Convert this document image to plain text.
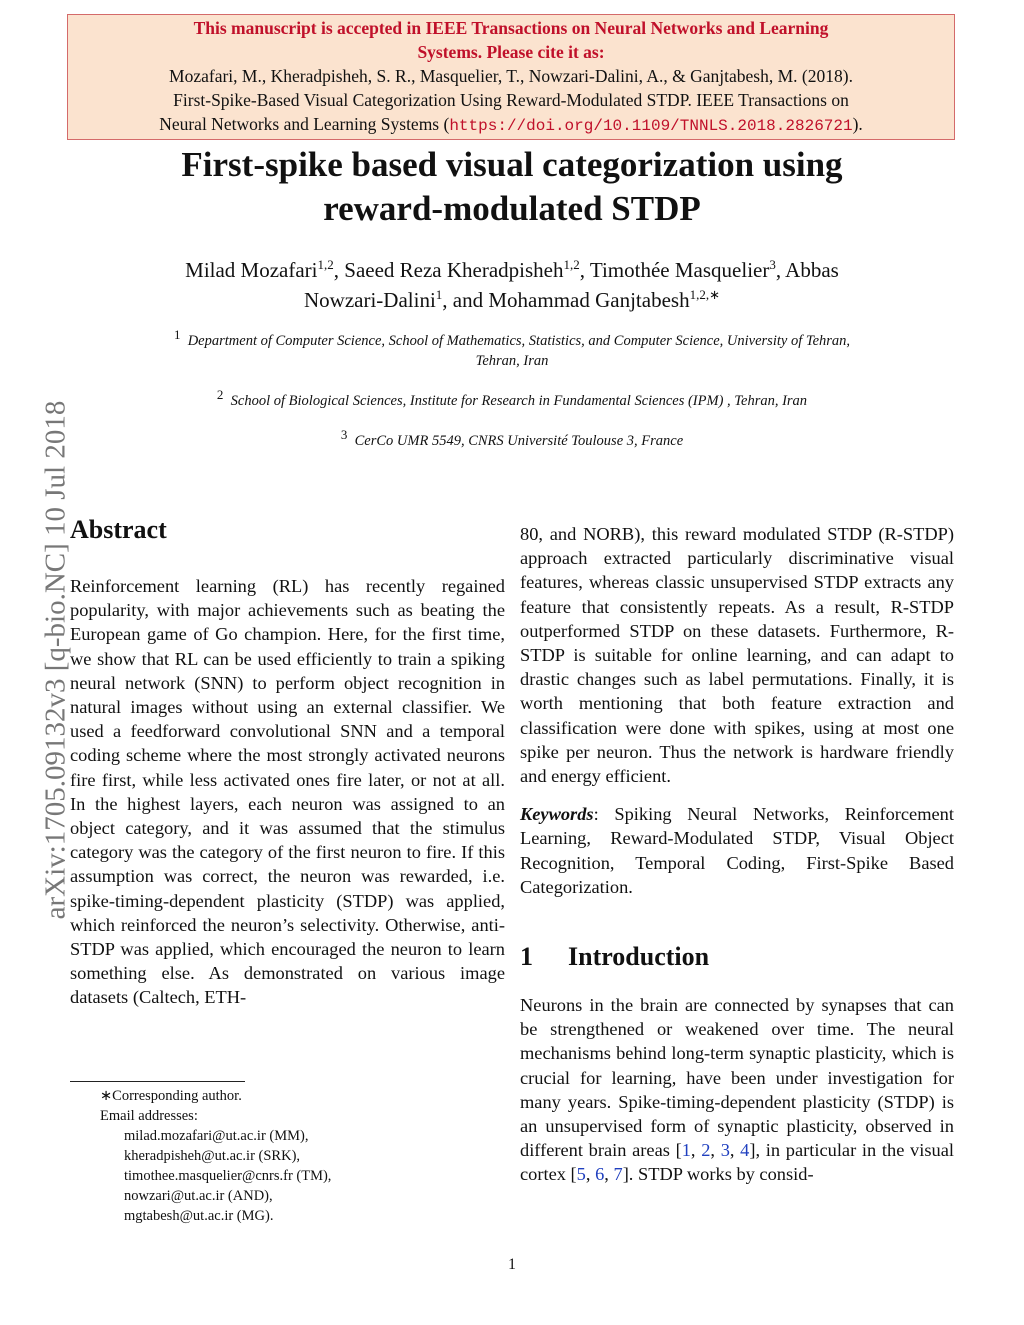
This manuscript is accepted in IEEE Transactions on Neural Networks and Learning
Systems. Please cite it as:
Mozafari, M., Kheradpisheh, S. R., Masquelier, T., Nowzari-Dalini, A., & Ganjtabesh, M. (2018).
First-Spike-Based Visual Categorization Using Reward-Modulated STDP. IEEE Transactions on
Neural Networks and Learning Systems (https://doi.org/10.1109/TNNLS.2018.2826721).
First-spike based visual categorization using
reward-modulated STDP
Milad Mozafari$^{1,2}$, Saeed Reza Kheradpisheh$^{1,2}$, Timothée Masquelier$^3$, Abbas
Nowzari-Dalini$^1$, and Mohammad Ganjtabesh$^{1,2,∗}$
$^1$ Department of Computer Science, School of Mathematics, Statistics, and Computer Science, University of Tehran,
Tehran, Iran
$^2$ School of Biological Sciences, Institute for Research in Fundamental Sciences (IPM) , Tehran, Iran
$^3$ CerCo UMR 5549, CNRS Université Toulouse 3, France
arXiv:1705.09132v3 [q-bio.NC] 10 Jul 2018
Abstract

Reinforcement learning (RL) has recently regained popularity, with major achievements such as beating the European game of Go champion. Here, for the first time, we show that RL can be used efficiently to train a spiking neural network (SNN) to perform object recognition in natural images without using an external classifier. We used a feedforward convolutional SNN and a temporal coding scheme where the most strongly activated neurons fire first, while less activated ones fire later, or not at all. In the highest layers, each neuron was assigned to an object category, and it was assumed that the stimulus category was the category of the first neuron to fire. If this assumption was correct, the neuron was rewarded, i.e. spike-timing-dependent plasticity (STDP) was applied, which reinforced the neuron’s selectivity. Otherwise, anti-STDP was applied, which encouraged the neuron to learn something else. As demonstrated on various image datasets (Caltech, ETH-

80, and NORB), this reward modulated STDP (R-STDP) approach extracted particularly discriminative visual features, whereas classic unsupervised STDP extracts any feature that consistently repeats. As a result, R-STDP outperformed STDP on these datasets. Furthermore, R-STDP is suitable for online learning, and can adapt to drastic changes such as label permutations. Finally, it is worth mentioning that both feature extraction and classification were done with spikes, using at most one spike per neuron. Thus the network is hardware friendly and energy efficient.

Keywords: Spiking Neural Networks, Reinforcement Learning, Reward-Modulated STDP, Visual Object Recognition, Temporal Coding, First-Spike Based Categorization.

1 Introduction

Neurons in the brain are connected by synapses that can be strengthened or weakened over time. The neural mechanisms behind long-term synaptic plasticity, which is crucial for learning, have been under investigation for many years. Spike-timing-dependent plasticity (STDP) is an unsupervised form of synaptic plasticity, observed in different brain areas [1, 2, 3, 4], in particular in the visual cortex [5, 6, 7]. STDP works by consid-

∗Corresponding author.
Email addresses:
milad.mozafari@ut.ac.ir (MM),
kheradpisheh@ut.ac.ir (SRK),
timothee.masquelier@cnrs.fr (TM),
nowzari@ut.ac.ir (AND),
mgtabesh@ut.ac.ir (MG).
1
